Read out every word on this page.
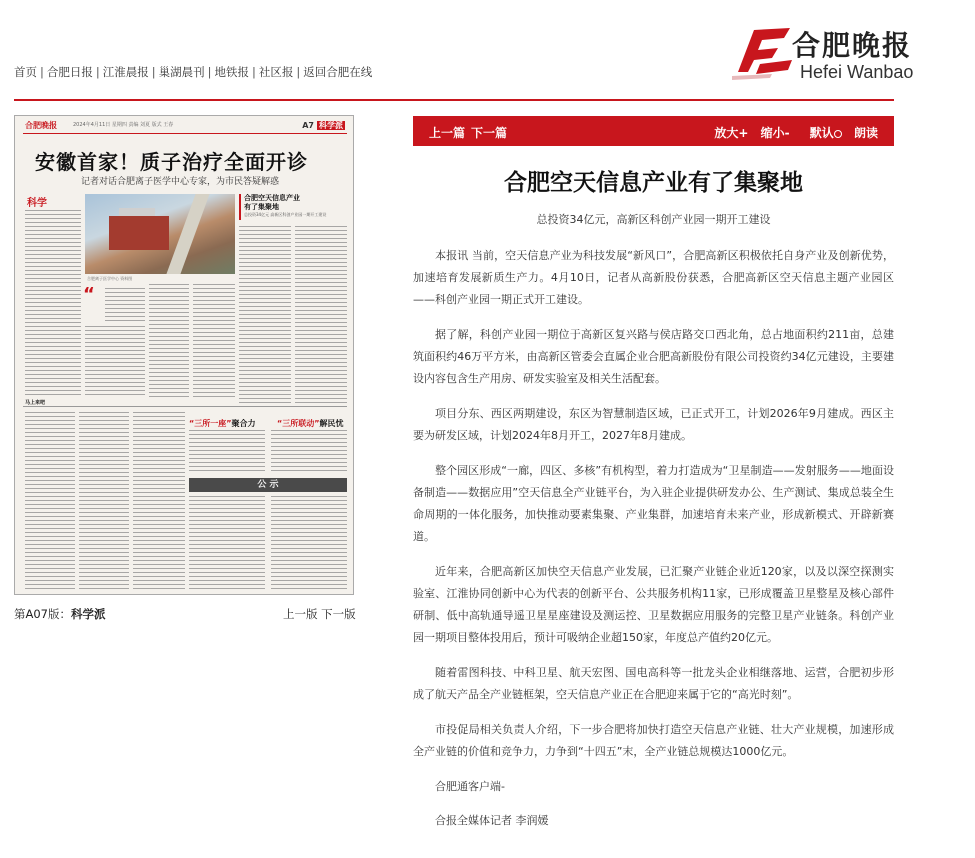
首页 | 合肥日报 | 江淮晨报 | 巢湖晨刊 | 地铁报 | 社区报 | 返回合肥在线
合肥晚报
Hefei Wanbao
合肥晚报	2024年4月11日 星期四 责编 刘夏 版式 王春	A7 科学派
安徽首家！质子治疗全面开诊
记者对话合肥离子医学中心专家，为市民答疑解惑
科学
合肥离子医学中心 资料图
合肥空天信息产业
有了集聚地
总投资34亿元 高新区科创产业园一期开工建设
“
马上来吧
“三所一座”聚合力	“三所联动”解民忧
公 示
第A07版：科学派	上一版 下一版
上一篇 下一篇	放大+ 缩小- 默认 朗读
合肥空天信息产业有了集聚地
总投资34亿元，高新区科创产业园一期开工建设

本报讯 当前，空天信息产业为科技发展“新风口”，合肥高新区积极依托自身产业及创新优势，加速培育发展新质生产力。4月10日，记者从高新股份获悉，合肥高新区空天信息主题产业园区——科创产业园一期正式开工建设。

据了解，科创产业园一期位于高新区复兴路与侯店路交口西北角，总占地面积约211亩，总建筑面积约46万平方米，由高新区管委会直属企业合肥高新股份有限公司投资约34亿元建设，主要建设内容包含生产用房、研发实验室及相关生活配套。

项目分东、西区两期建设，东区为智慧制造区域，已正式开工，计划2026年9月建成。西区主要为研发区域，计划2024年8月开工，2027年8月建成。

整个园区形成“一廊，四区、多核”有机构型，着力打造成为“卫星制造——发射服务——地面设备制造——数据应用”空天信息全产业链平台，为入驻企业提供研发办公、生产测试、集成总装全生命周期的一体化服务，加快推动要素集聚、产业集群，加速培育未来产业，形成新模式、开辟新赛道。

近年来，合肥高新区加快空天信息产业发展，已汇聚产业链企业近120家，以及以深空探测实验室、江淮协同创新中心为代表的创新平台、公共服务机构11家，已形成覆盖卫星整星及核心部件研制、低中高轨通导遥卫星星座建设及测运控、卫星数据应用服务的完整卫星产业链条。科创产业园一期项目整体投用后，预计可吸纳企业超150家，年度总产值约20亿元。

随着雷图科技、中科卫星、航天宏图、国电高科等一批龙头企业相继落地、运营，合肥初步形成了航天产品全产业链框架，空天信息产业正在合肥迎来属于它的“高光时刻”。

市投促局相关负责人介绍，下一步合肥将加快打造空天信息产业链、壮大产业规模，加速形成全产业链的价值和竞争力，力争到“十四五”末，全产业链总规模达1000亿元。

合肥通客户端-

合报全媒体记者 李润媛
